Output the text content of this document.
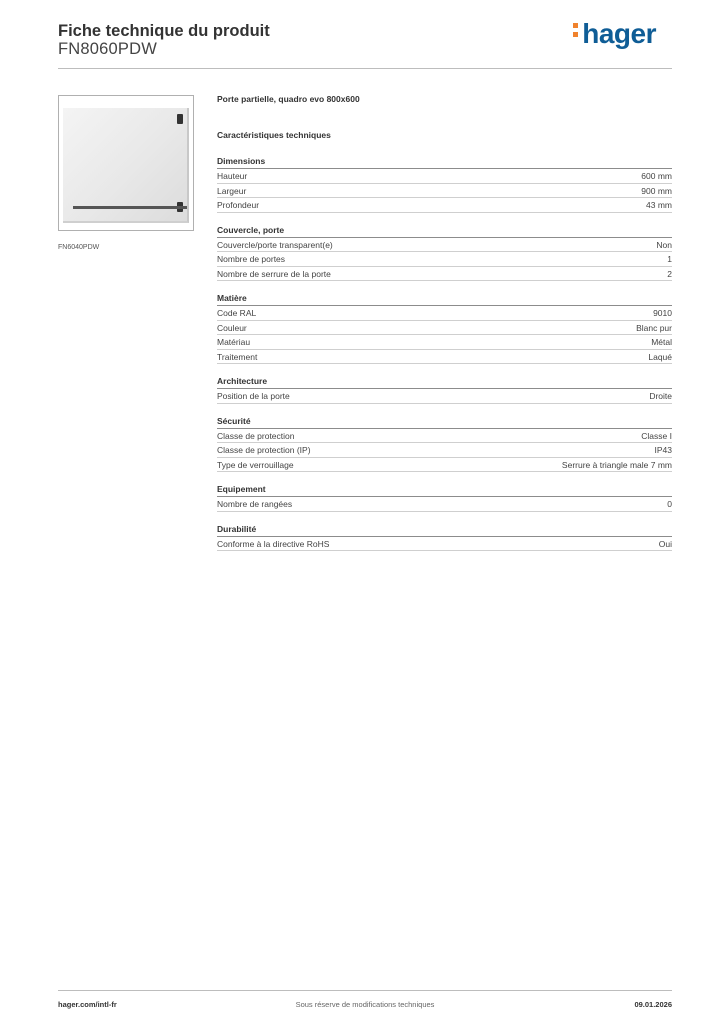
Fiche technique du produit
FN8060PDW	hager
FN6040PDW
Porte partielle, quadro evo 800x600
Caractéristiques techniques
Dimensions
Hauteur	600 mm
Largeur	900 mm
Profondeur	43 mm
Couvercle, porte
Couvercle/porte transparent(e)	Non
Nombre de portes	1
Nombre de serrure de la porte	2
Matière
Code RAL	9010
Couleur	Blanc pur
Matériau	Métal
Traitement	Laqué
Architecture
Position de la porte	Droite
Sécurité
Classe de protection	Classe I
Classe de protection (IP)	IP43
Type de verrouillage	Serrure à triangle male 7 mm
Equipement
Nombre de rangées	0
Durabilité
Conforme à la directive RoHS	Oui
hager.com/intl-fr	Sous réserve de modifications techniques	09.01.2026
